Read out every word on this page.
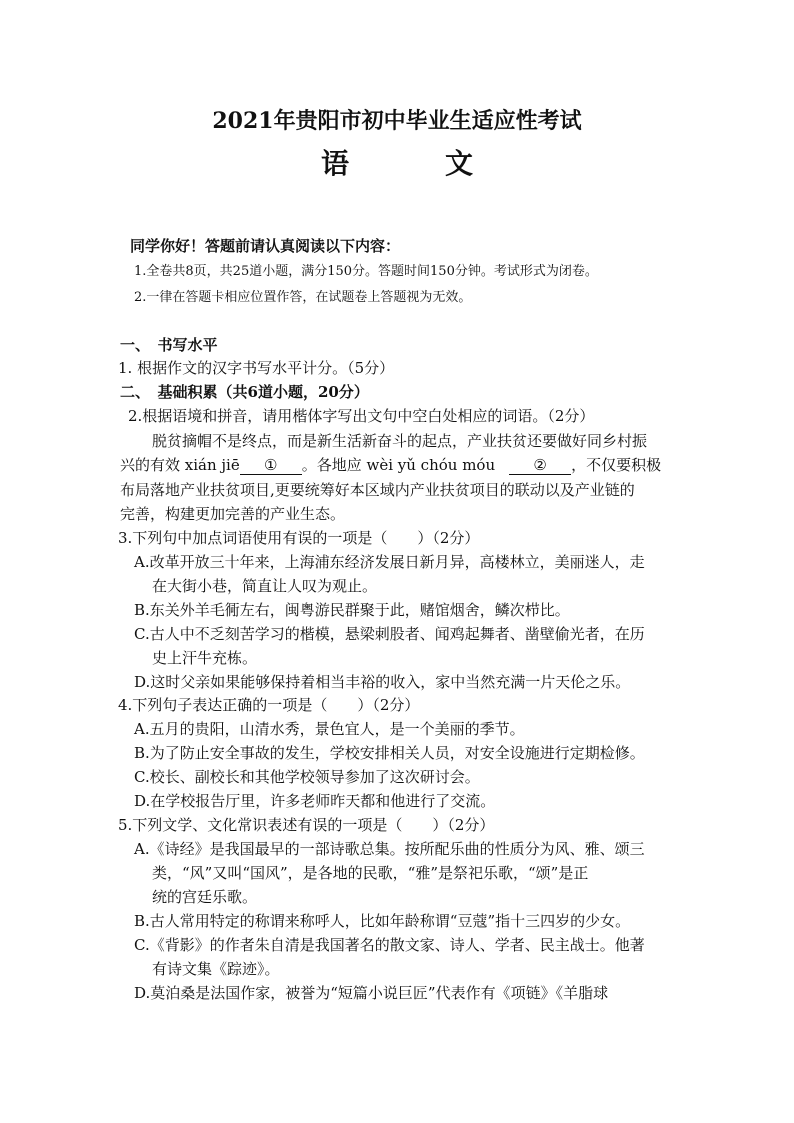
2021年贵阳市初中毕业生适应性考试
语　文
同学你好！答题前请认真阅读以下内容：
1.全卷共8页，共25道小题，满分150分。答题时间150分钟。考试形式为闭卷。
2.一律在答题卡相应位置作答，在试题卷上答题视为无效。
一、　书写水平
1. 根据作文的汉字书写水平计分。（5分）
二、　基础积累（共6道小题，20分）
2.根据语境和拼音，请用楷体字写出文句中空白处相应的词语。（2分）
脱贫摘帽不是终点，而是新生活新奋斗的起点，产业扶贫还要做好同乡村振
兴的有效 xián jiē ① 。各地应 wèi yǔ chóu móu	② ，不仅要积极
布局落地产业扶贫项目,更要统筹好本区域内产业扶贫项目的联动以及产业链的
完善，构建更加完善的产业生态。
3.下列句中加点词语使用有误的一项是（　　）（2分）
A.改革开放三十年来，上海浦东经济发展日新月异，高楼林立，美丽迷人，走
在大街小巷，简直让人叹为观止。
B.东关外羊毛衕左右，闽粤游民群聚于此，赌馆烟舍，鳞次栉比。
C.古人中不乏刻苦学习的楷模，悬梁刺股者、闻鸡起舞者、凿壁偷光者，在历
史上汗牛充栋。
D.这时父亲如果能够保持着相当丰裕的收入，家中当然充满一片天伦之乐。
4.下列句子表达正确的一项是（　　）（2分）
A.五月的贵阳，山清水秀，景色宜人，是一个美丽的季节。
B.为了防止安全事故的发生，学校安排相关人员，对安全设施进行定期检修。
C.校长、副校长和其他学校领导参加了这次研讨会。
D.在学校报告厅里，许多老师昨天都和他进行了交流。
5.下列文学、文化常识表述有误的一项是（　　）（2分）
A.《诗经》是我国最早的一部诗歌总集。按所配乐曲的性质分为风、雅、颂三
类，“风”又叫“国风”，是各地的民歌，“雅”是祭祀乐歌，“颂”是正
统的宫廷乐歌。
B.古人常用特定的称谓来称呼人，比如年龄称谓“豆蔻”指十三四岁的少女。
C.《背影》的作者朱自清是我国著名的散文家、诗人、学者、民主战士。他著
有诗文集《踪迹》。
D.莫泊桑是法国作家，被誉为“短篇小说巨匠”代表作有《项链》《羊脂球
